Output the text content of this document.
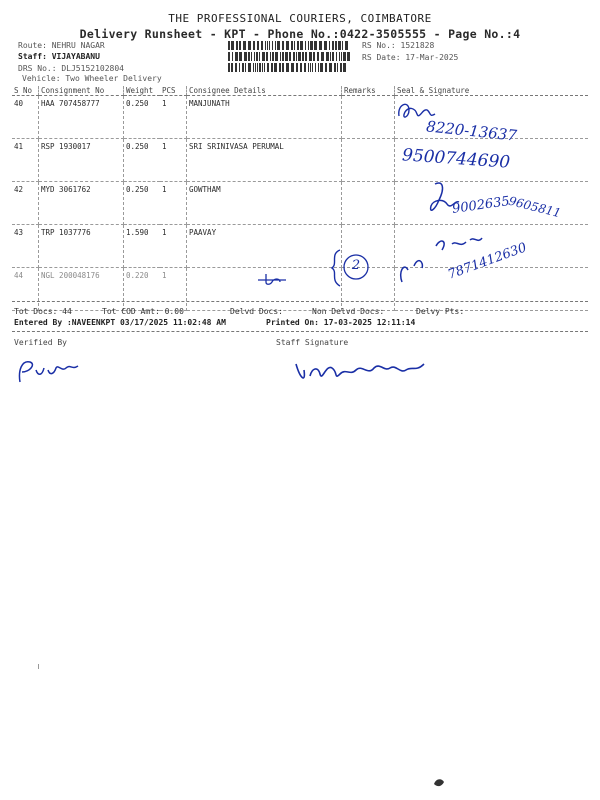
THE PROFESSIONAL COURIERS, COIMBATORE
Delivery Runsheet - KPT - Phone No.:0422-3505555 - Page No.:4
Route: NEHRU NAGAR
Staff: VIJAYABANU
DRS No.: DLJ5152102804
Vehicle: Two Wheeler Delivery
RS No.: 1521828
RS Date: 17-Mar-2025
S No	Consignment No	Weight	PCS	Consignee Details	Remarks	Seal & Signature
40	HAA 707458777	0.250	1	MANJUNATH		
41	RSP 1930017	0.250	1	SRI SRINIVASA PERUMAL		
42	MYD 3061762	0.250	1	GOWTHAM		
43	TRP 1037776	1.590	1	PAAVAY		
44	NGL 200048176	0.220	1			
8220-13637
9500744690
9002635
9605811
7871412630
2
Tot Docs: 44	Tot COD Amt: 0.00	Delvd Docs:	Non Delvd Docs:	Delvy Pts:
Entered By :NAVEENKPT 03/17/2025 11:02:48 AM	Printed On: 17-03-2025 12:11:14
Verified By	Staff Signature
